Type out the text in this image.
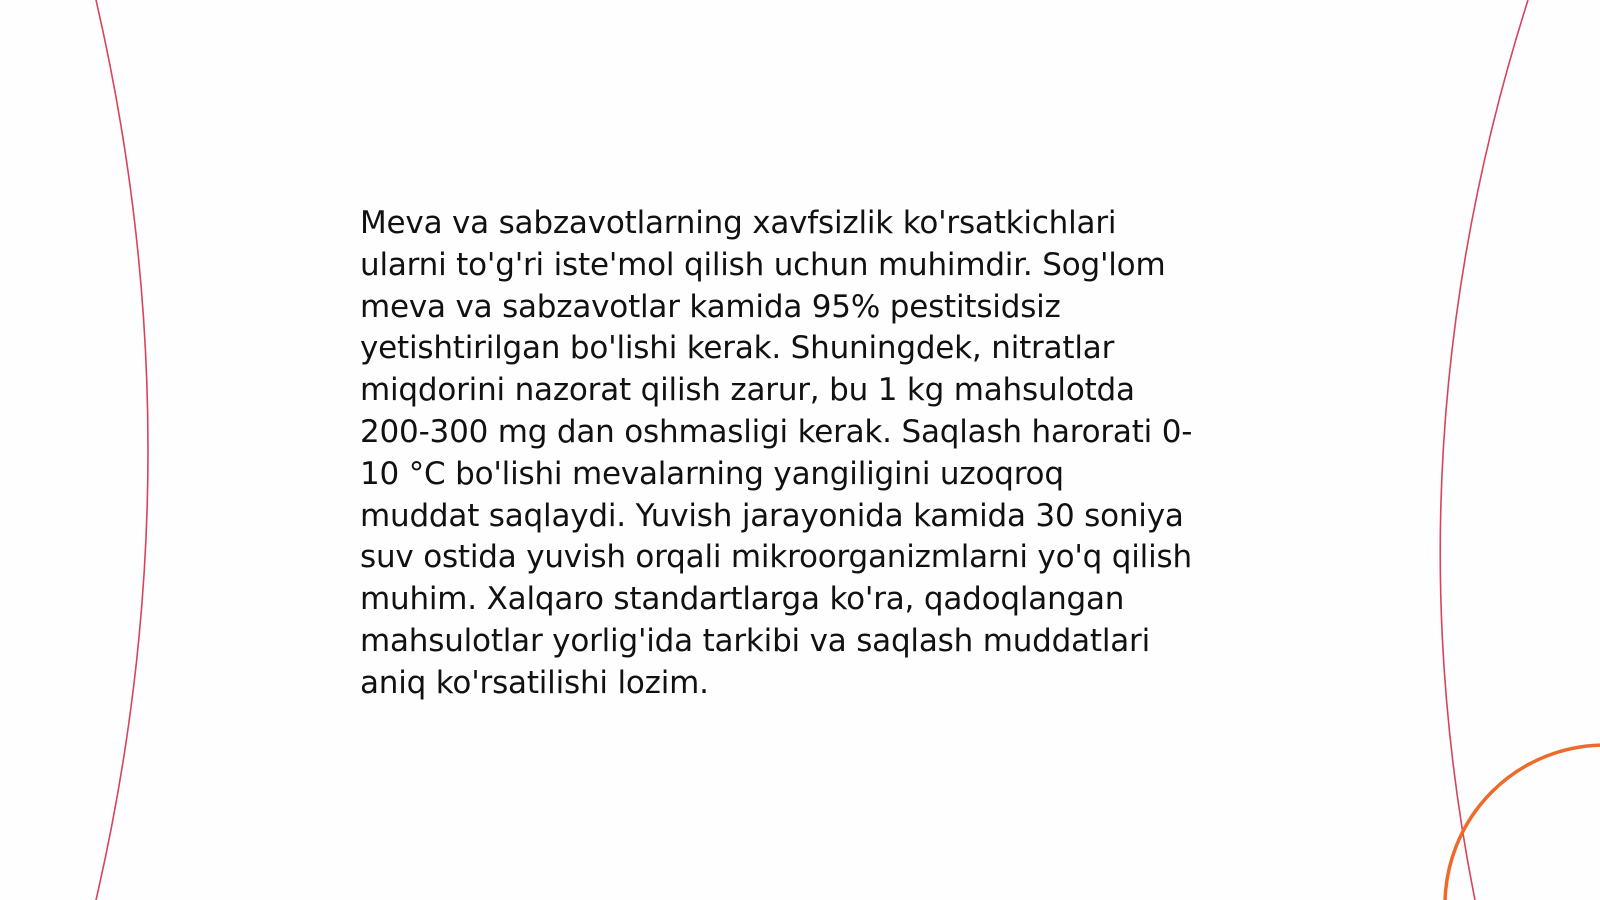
Meva va sabzavotlarning xavfsizlik ko'rsatkichlari
ularni to'g'ri iste'mol qilish uchun muhimdir. Sog'lom
meva va sabzavotlar kamida 95% pestitsidsiz
yetishtirilgan bo'lishi kerak. Shuningdek, nitratlar
miqdorini nazorat qilish zarur, bu 1 kg mahsulotda
200-300 mg dan oshmasligi kerak. Saqlash harorati 0-
10 °C bo'lishi mevalarning yangiligini uzoqroq
muddat saqlaydi. Yuvish jarayonida kamida 30 soniya
suv ostida yuvish orqali mikroorganizmlarni yo'q qilish
muhim. Xalqaro standartlarga ko'ra, qadoqlangan
mahsulotlar yorlig'ida tarkibi va saqlash muddatlari
aniq ko'rsatilishi lozim.
